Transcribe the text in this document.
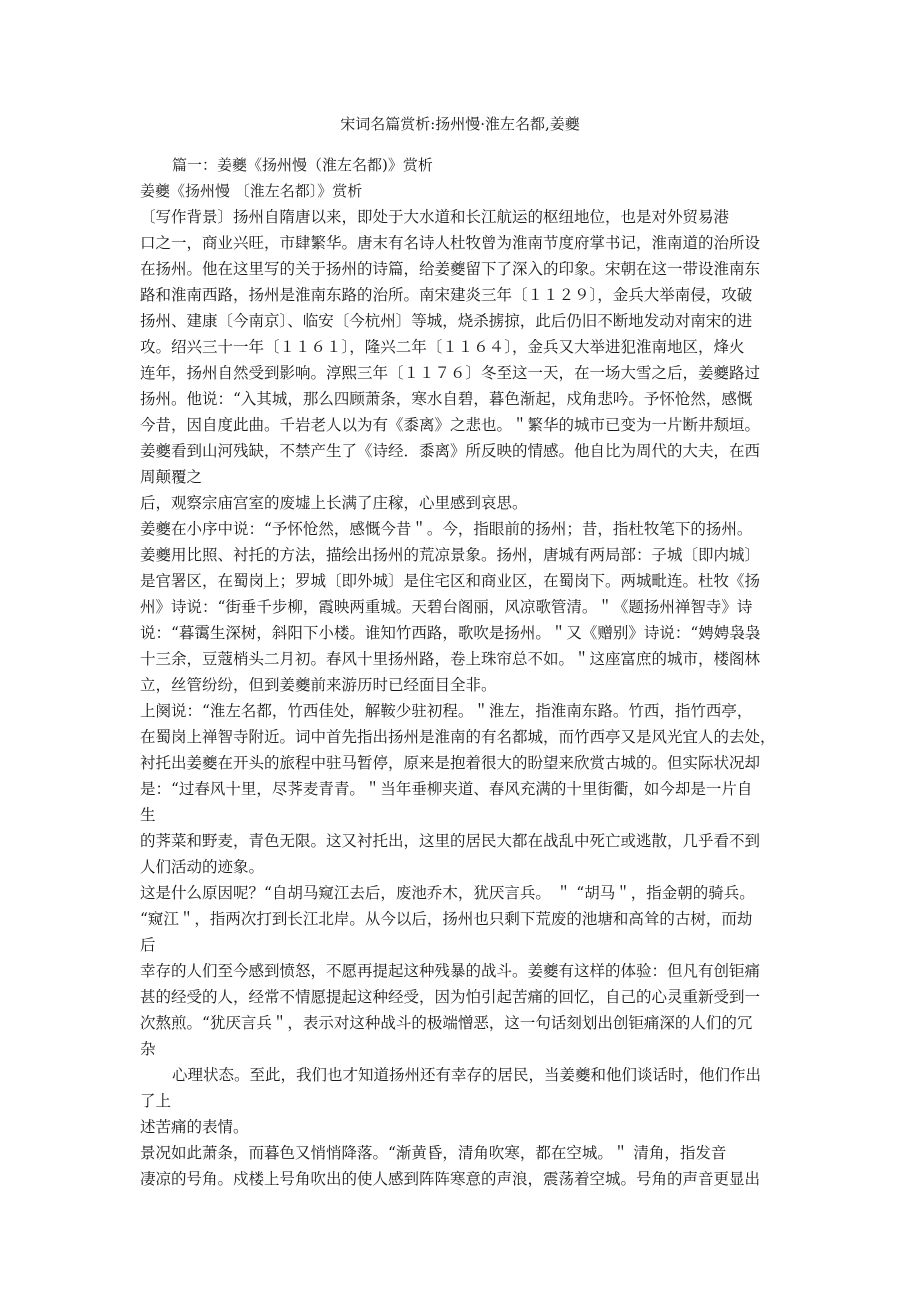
宋词名篇赏析:扬州慢·淮左名都,姜夔
篇一：姜夔《扬州慢（淮左名都)》赏析
姜夔《扬州慢 〔淮左名都〕》赏析
〔写作背景〕扬州自隋唐以来，即处于大水道和长江航运的枢纽地位，也是对外贸易港
口之一，商业兴旺，市肆繁华。唐末有名诗人杜牧曾为淮南节度府掌书记，淮南道的治所设
在扬州。他在这里写的关于扬州的诗篇，给姜夔留下了深入的印象。宋朝在这一带设淮南东
路和淮南西路，扬州是淮南东路的治所。南宋建炎三年〔１１２９〕，金兵大举南侵，攻破
扬州、建康〔今南京〕、临安〔今杭州〕等城，烧杀掳掠，此后仍旧不断地发动对南宋的进
攻。绍兴三十一年〔１１６１〕，隆兴二年〔１１６４〕，金兵又大举进犯淮南地区，烽火
连年，扬州自然受到影响。淳熙三年〔１１７６〕冬至这一天，在一场大雪之后，姜夔路过
扬州。他说：“入其城，那么四顾萧条，寒水自碧，暮色渐起，戍角悲吟。予怀怆然，感慨
今昔，因自度此曲。千岩老人以为有《黍离》之悲也。＂繁华的城市已变为一片断井颓垣。
姜夔看到山河残缺，不禁产生了《诗经．黍离》所反映的情感。他自比为周代的大夫，在西
周颠覆之
后，观察宗庙宫室的废墟上长满了庄稼，心里感到哀思。
姜夔在小序中说：“予怀怆然，感慨今昔＂。今，指眼前的扬州；昔，指杜牧笔下的扬州。
姜夔用比照、衬托的方法，描绘出扬州的荒凉景象。扬州，唐城有两局部：子城〔即内城〕
是官署区，在蜀岗上；罗城〔即外城〕是住宅区和商业区，在蜀岗下。两城毗连。杜牧《扬
州》诗说：“街垂千步柳，霞映两重城。天碧台阁丽，风凉歌管清。＂《题扬州禅智寺》诗
说：“暮霭生深树，斜阳下小楼。谁知竹西路，歌吹是扬州。＂又《赠别》诗说：“娉娉袅袅
十三余，豆蔻梢头二月初。春风十里扬州路，卷上珠帘总不如。＂这座富庶的城市，楼阁林
立，丝管纷纷，但到姜夔前来游历时已经面目全非。
上阕说：“淮左名都，竹西佳处，解鞍少驻初程。＂淮左，指淮南东路。竹西，指竹西亭，
在蜀岗上禅智寺附近。词中首先指出扬州是淮南的有名都城，而竹西亭又是风光宜人的去处，
衬托出姜夔在开头的旅程中驻马暂停，原来是抱着很大的盼望来欣赏古城的。但实际状况却
是：“过春风十里，尽荠麦青青。＂当年垂柳夹道、春风充满的十里街衢，如今却是一片自
生
的荠菜和野麦，青色无限。这又衬托出，这里的居民大都在战乱中死亡或逃散，几乎看不到
人们活动的迹象。
这是什么原因呢？“自胡马窥江去后，废池乔木，犹厌言兵。 ＂ “胡马＂，指金朝的骑兵。
“窥江＂，指两次打到长江北岸。从今以后，扬州也只剩下荒废的池塘和高耸的古树，而劫
后
幸存的人们至今感到愤怒，不愿再提起这种残暴的战斗。姜夔有这样的体验：但凡有创钜痛
甚的经受的人，经常不情愿提起这种经受，因为怕引起苦痛的回忆，自己的心灵重新受到一
次熬煎。“犹厌言兵＂，表示对这种战斗的极端憎恶，这一句话刻划出创钜痛深的人们的冗
杂
心理状态。至此，我们也才知道扬州还有幸存的居民，当姜夔和他们谈话时，他们作出
了上
述苦痛的表情。
景况如此萧条，而暮色又悄悄降落。“渐黄昏，清角吹寒，都在空城。＂ 清角，指发音
凄凉的号角。戍楼上号角吹出的使人感到阵阵寒意的声浪，震荡着空城。号角的声音更显出
